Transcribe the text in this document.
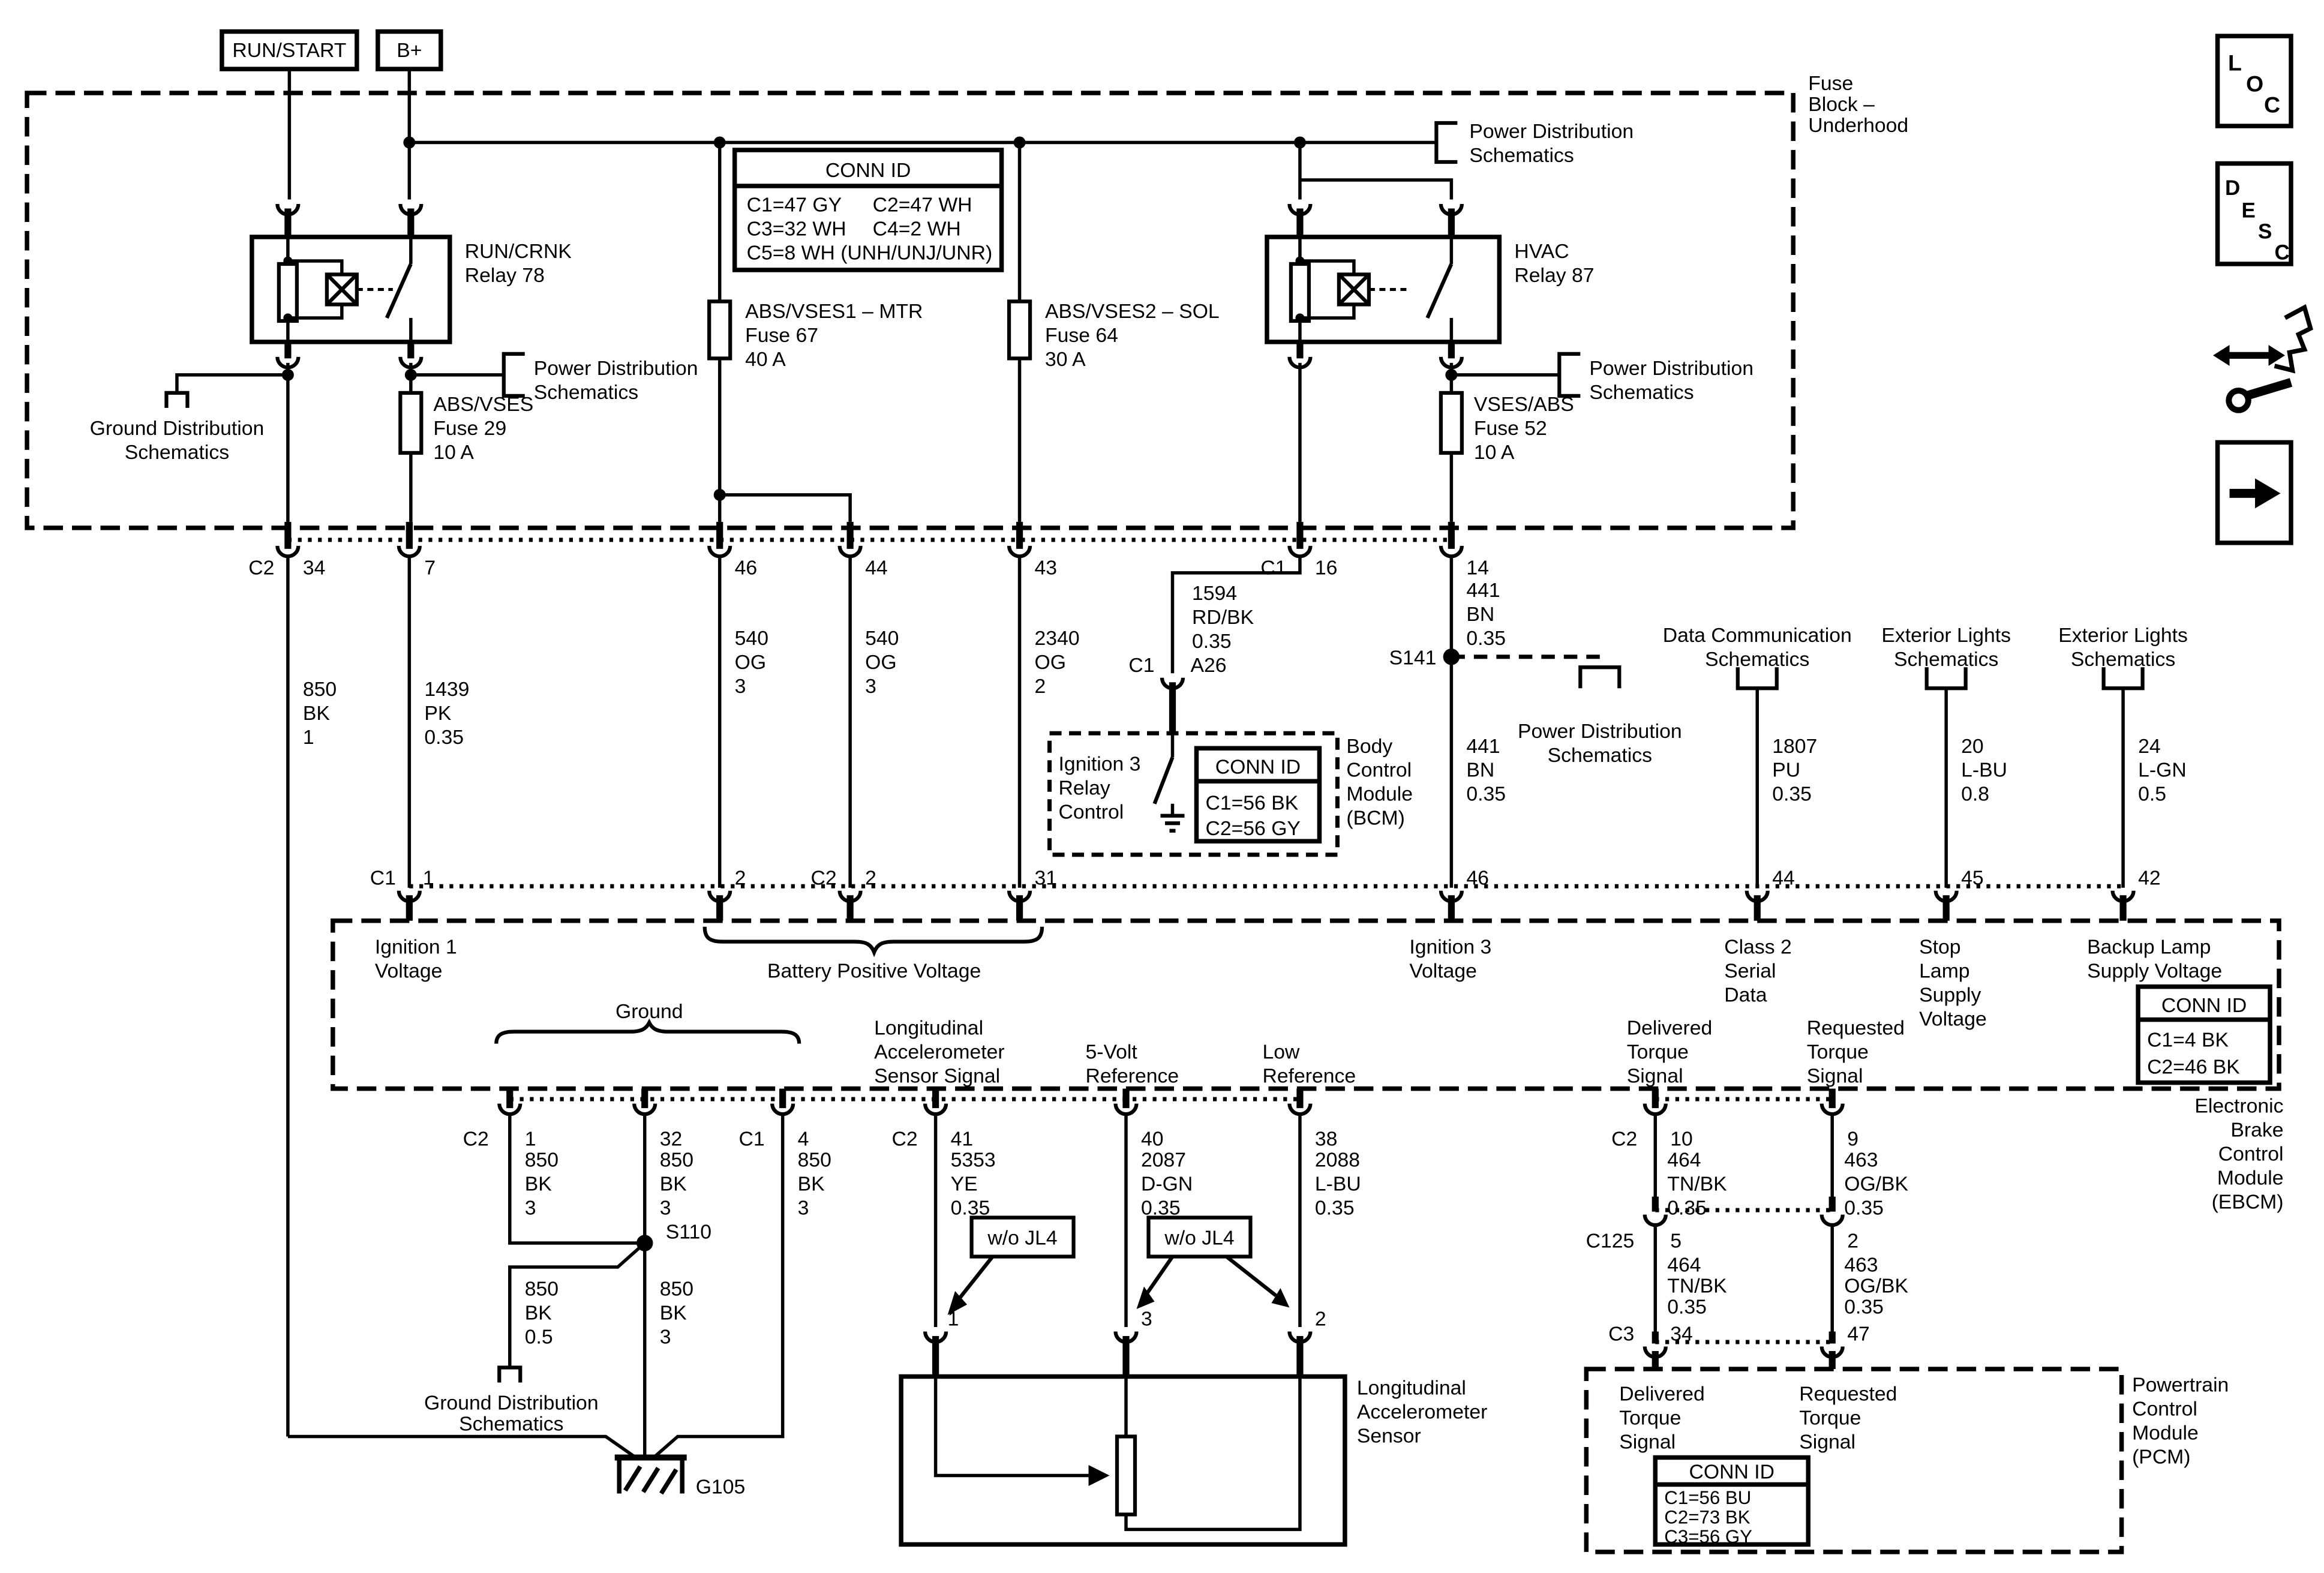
Fuse
Block –
Underhood
RUN/START	B+
Power Distribution
Schematics
RUN/CRNK
Relay 78
HVAC
Relay 87
CONN ID
C1=47 GY	C2=47 WH
C3=32 WH	C4=2 WH
C5=8 WH (UNH/UNJ/UNR)
ABS/VSES1 – MTR
Fuse 67
40 A
ABS/VSES2 – SOL
Fuse 64
30 A
Ground Distribution
Schematics
Power Distribution
Schematics
ABS/VSES
Fuse 29
10 A
Power Distribution
Schematics
VSES/ABS
Fuse 52
10 A
C2	34	7	46	44	43	C1	16	14
850
BK
1
1439
PK
0.35
540
OG
3
540
OG
3
2340
OG
2
1594
RD/BK
0.35
C1	A26
Ignition 3
Relay
Control
CONN ID
C1=56 BK
C2=56 GY
Body
Control
Module
(BCM)
441
BN
0.35
S141
Power Distribution
Schematics
441
BN
0.35
Data Communication
Schematics
1807
PU
0.35
Exterior Lights
Schematics
20
L-BU
0.8
Exterior Lights
Schematics
24
L-GN
0.5
C1	1	2	C2	2	31	46	44	45	42
Ignition 1
Voltage	Battery Positive Voltage
Ignition 3
Voltage
Class 2
Serial
Data
Stop
Lamp
Supply
Voltage
Backup Lamp
Supply Voltage
CONN ID
C1=4 BK
C2=46 BK
Ground
Longitudinal
Accelerometer
Sensor Signal
5-Volt
Reference
Low
Reference
Delivered
Torque
Signal
Requested
Torque
Signal
Electronic
Brake
Control
Module
(EBCM)
C2	1	32	C1	4	C2	41	40	38	C2	10	9
S110
Ground Distribution
Schematics
850
BK
3
850
BK
3
850
BK
3
850
BK
0.5
850
BK
3
G105
5353
YE
0.35
2087
D-GN
0.35
2088
L-BU
0.35
w/o JL4	w/o JL4
1	3	2
Longitudinal
Accelerometer
Sensor
464
TN/BK
0.35
463
OG/BK
0.35
C125	5	2
464
TN/BK
0.35
463
OG/BK
0.35
C3	34	47
Delivered
Torque
Signal
Requested
Torque
Signal
CONN ID
C1=56 BU
C2=73 BK
C3=56 GY
Powertrain
Control
Module
(PCM)
L
O
C
D
E
S
C
